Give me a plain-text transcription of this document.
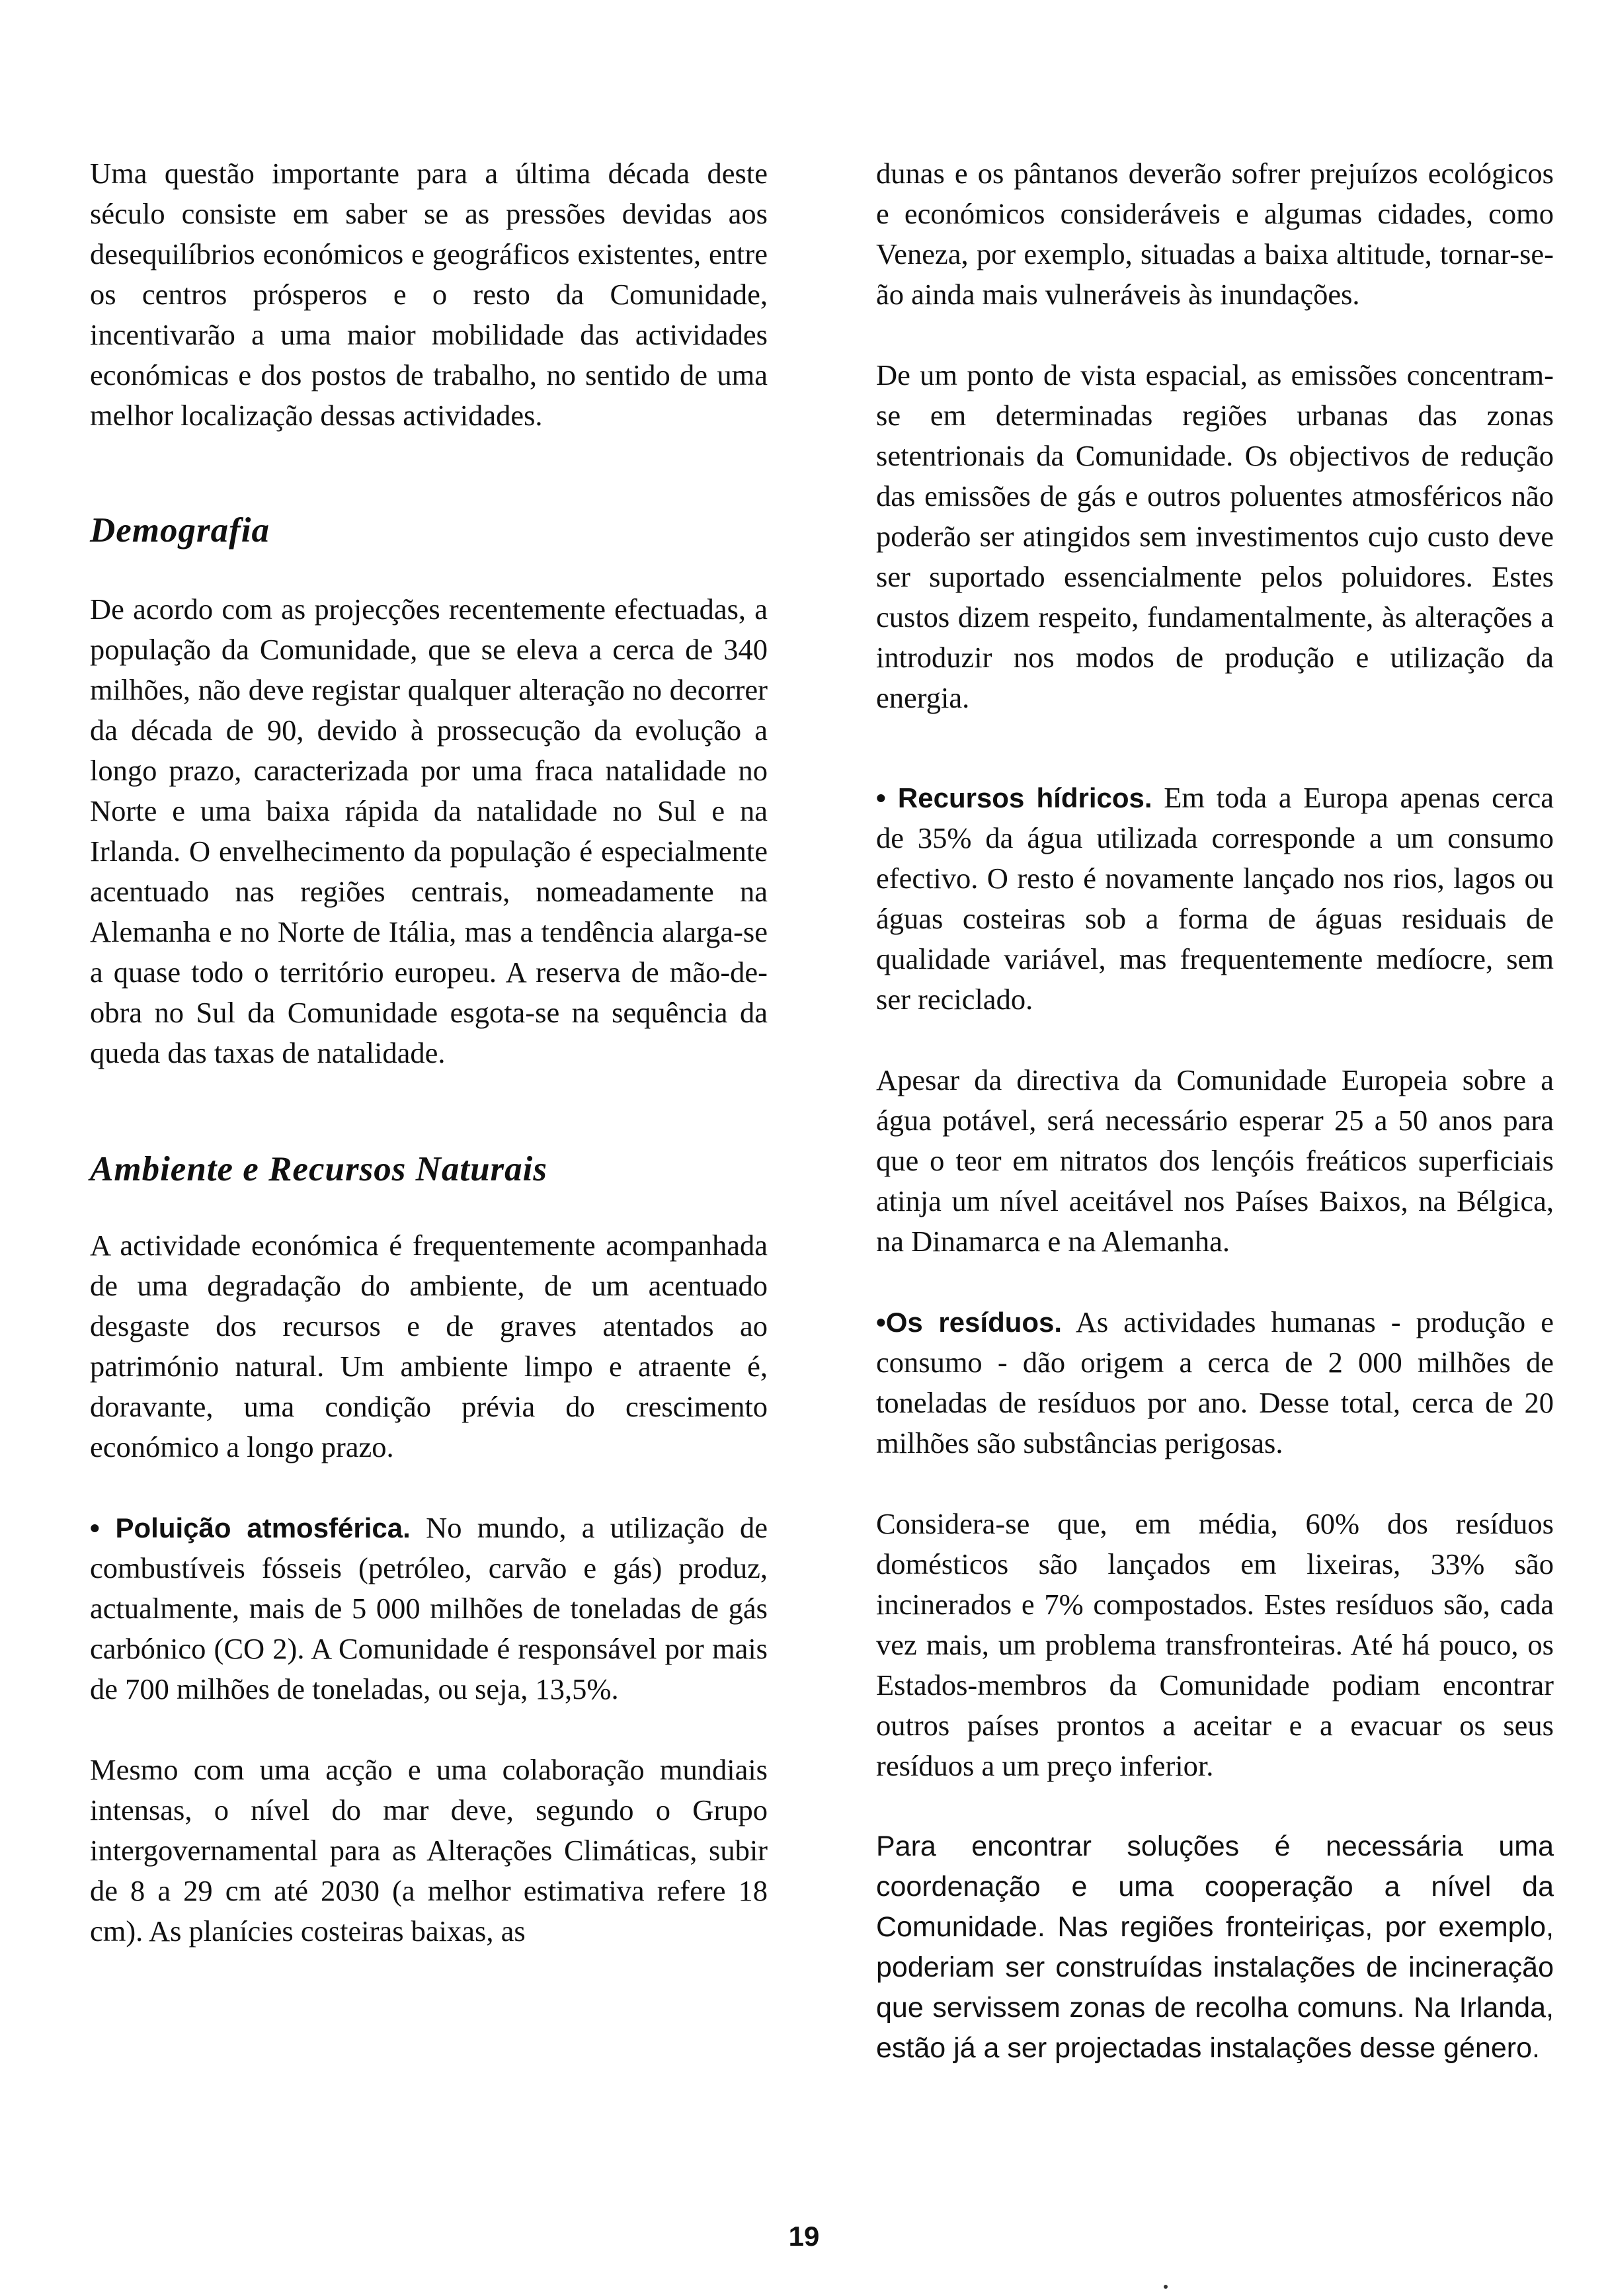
Uma questão importante para a última década deste século consiste em saber se as pressões devidas aos desequilíbrios económicos e geográficos existentes, entre os centros prósperos e o resto da Comunidade, incentivarão a uma maior mobilidade das actividades económicas e dos postos de trabalho, no sentido de uma melhor localização dessas actividades.

Demografia

De acordo com as projecções recentemente efectuadas, a população da Comunidade, que se eleva a cerca de 340 milhões, não deve registar qualquer alteração no decorrer da década de 90, devido à prossecução da evolução a longo prazo, caracterizada por uma fraca natalidade no Norte e uma baixa rápida da natalidade no Sul e na Irlanda. O envelhecimento da população é especialmente acentuado nas regiões centrais, nomeadamente na Alemanha e no Norte de Itália, mas a tendência alarga-se a quase todo o território europeu. A reserva de mão-de-obra no Sul da Comunidade esgota-se na sequência da queda das taxas de natalidade.

Ambiente e Recursos Naturais

A actividade económica é frequentemente acompanhada de uma degradação do ambiente, de um acentuado desgaste dos recursos e de graves atentados ao património natural. Um ambiente limpo e atraente é, doravante, uma condição prévia do crescimento económico a longo prazo.

• Poluição atmosférica. No mundo, a utilização de combustíveis fósseis (petróleo, carvão e gás) produz, actualmente, mais de 5 000 milhões de toneladas de gás carbónico (CO 2). A Comunidade é responsável por mais de 700 milhões de toneladas, ou seja, 13,5%.

Mesmo com uma acção e uma colaboração mundiais intensas, o nível do mar deve, segundo o Grupo intergovernamental para as Alterações Climáticas, subir de 8 a 29 cm até 2030 (a melhor estimativa refere 18 cm). As planícies costeiras baixas, as

dunas e os pântanos deverão sofrer prejuízos ecológicos e económicos consideráveis e algumas cidades, como Veneza, por exemplo, situadas a baixa altitude, tornar-se-ão ainda mais vulneráveis às inundações.

De um ponto de vista espacial, as emissões concentram-se em determinadas regiões urbanas das zonas setentrionais da Comunidade. Os objectivos de redução das emissões de gás e outros poluentes atmosféricos não poderão ser atingidos sem investimentos cujo custo deve ser suportado essencialmente pelos poluidores. Estes custos dizem respeito, fundamentalmente, às alterações a introduzir nos modos de produção e utilização da energia.

• Recursos hídricos. Em toda a Europa apenas cerca de 35% da água utilizada corresponde a um consumo efectivo. O resto é novamente lançado nos rios, lagos ou águas costeiras sob a forma de águas residuais de qualidade variável, mas frequentemente medíocre, sem ser reciclado.

Apesar da directiva da Comunidade Europeia sobre a água potável, será necessário esperar 25 a 50 anos para que o teor em nitratos dos lençóis freáticos superficiais atinja um nível aceitável nos Países Baixos, na Bélgica, na Dinamarca e na Alemanha.

•Os resíduos. As actividades humanas - produção e consumo - dão origem a cerca de 2 000 milhões de toneladas de resíduos por ano. Desse total, cerca de 20 milhões são substâncias perigosas.

Considera-se que, em média, 60% dos resíduos domésticos são lançados em lixeiras, 33% são incinerados e 7% compostados. Estes resíduos são, cada vez mais, um problema transfronteiras. Até há pouco, os Estados-membros da Comunidade podiam encontrar outros países prontos a aceitar e a evacuar os seus resíduos a um preço inferior.

Para encontrar soluções é necessária uma coordenação e uma cooperação a nível da Comunidade. Nas regiões fronteiriças, por exemplo, poderiam ser construídas instalações de incineração que servissem zonas de recolha comuns. Na Irlanda, estão já a ser projectadas instalações desse género.

19
